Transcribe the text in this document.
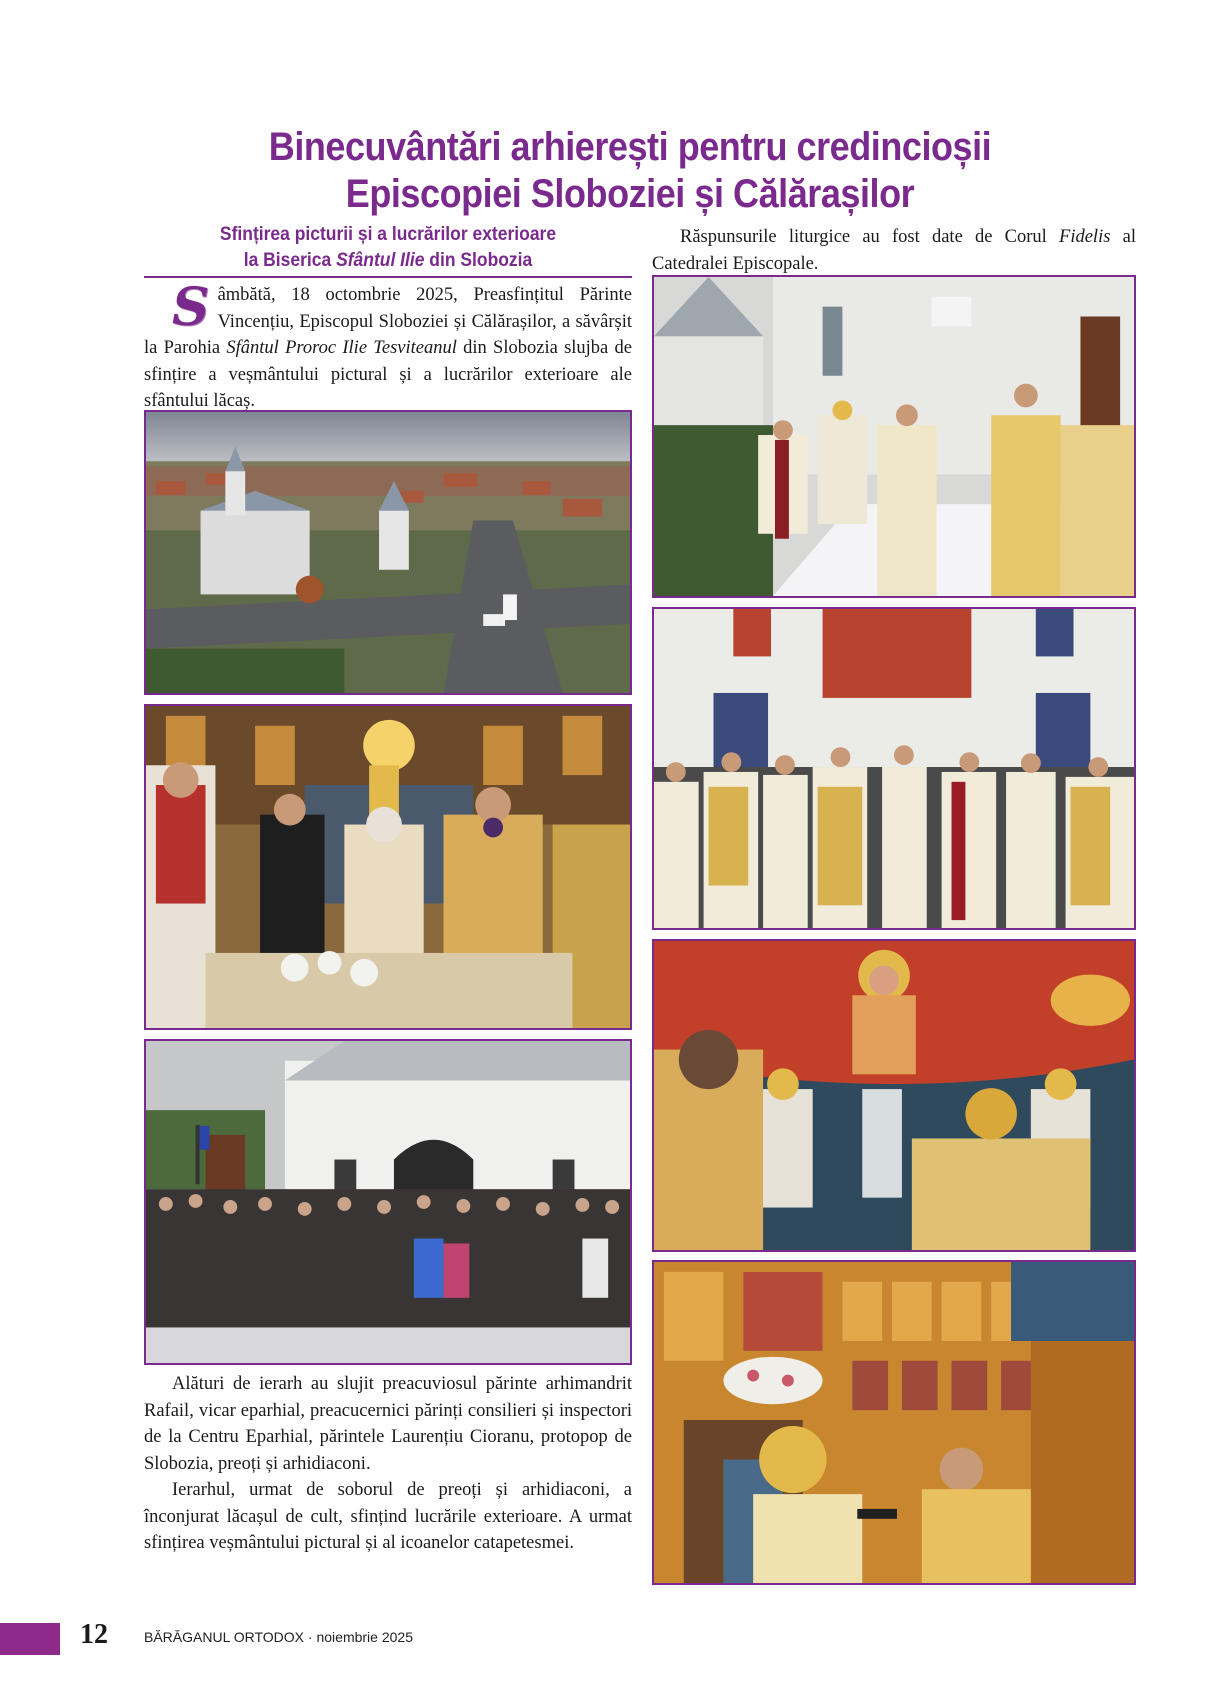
Binecuvântări arhierești pentru credincioșii
Episcopiei Sloboziei și Călărașilor
Sfințirea picturii și a lucrărilor exterioare
la Biserica Sfântul Ilie din Slobozia

Sâmbătă, 18 octombrie 2025, Preasfințitul Părinte Vincențiu, Episcopul Sloboziei și Călărașilor, a săvârșit la Parohia Sfântul Proroc Ilie Tesviteanul din Slobozia slujba de sfințire a veșmântului pictural și a lucrărilor exterioare ale sfântului lăcaș.

Răspunsurile liturgice au fost date de Corul Fidelis al Catedralei Episcopale.

Alături de ierarh au slujit preacuviosul părinte arhimandrit Rafail, vicar eparhial, preacucernici părinți consilieri și inspectori de la Centru Eparhial, părintele Laurențiu Cioranu, protopop de Slobozia, preoți și arhidiaconi.

Ierarhul, urmat de soborul de preoți și arhidiaconi, a înconjurat lăcașul de cult, sfințind lucrările exterioare. A urmat sfințirea veșmântului pictural și al icoanelor catapetesmei.

12	BĂRĂGANUL ORTODOX · noiembrie 2025
